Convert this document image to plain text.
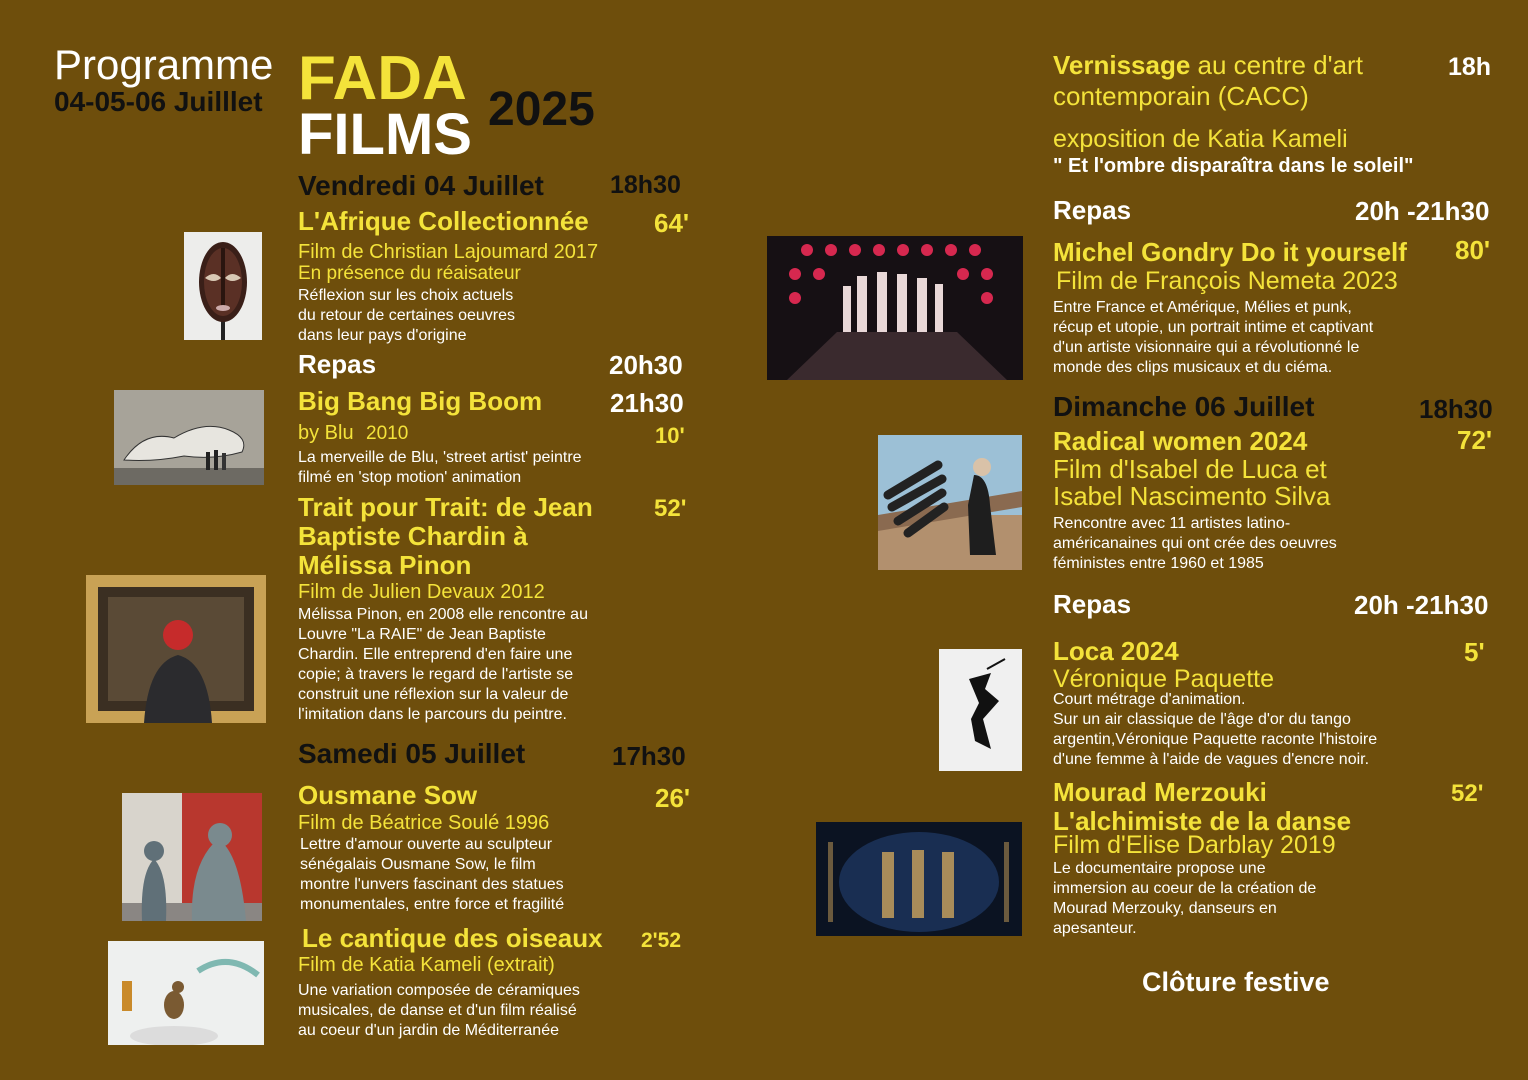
Programme
04-05-06 Juilllet FADA
FILMS 2025
Vendredi 04 Juillet	18h30
L'Afrique Collectionnée	64'
Film de Christian Lajoumard 2017
En présence du réaisateur
Réflexion sur les choix actuels
du retour de certaines oeuvres
dans leur pays d'origine
Repas	20h30
Big Bang Big Boom	21h30
by Blu 2010	10'
La merveille de Blu, 'street artist' peintre
filmé en 'stop motion' animation
Trait pour Trait: de Jean
Baptiste Chardin à
Mélissa Pinon
52'
Film de Julien Devaux 2012
Mélissa Pinon, en 2008 elle rencontre au
Louvre "La RAIE" de Jean Baptiste
Chardin. Elle entreprend d'en faire une
copie; à travers le regard de l'artiste se
construit une réflexion sur la valeur de
l'imitation dans le parcours du peintre.
Samedi 05 Juillet	17h30
Ousmane Sow	26'
Film de Béatrice Soulé 1996
Lettre d'amour ouverte au sculpteur
sénégalais Ousmane Sow, le film
montre l'unvers fascinant des statues
monumentales, entre force et fragilité
Le cantique des oiseaux 2'52
Film de Katia Kameli (extrait)
Une variation composée de céramiques
musicales, de danse et d'un film réalisé
au coeur d'un jardin de Méditerranée
Vernissage au centre d'art
contemporain (CACC)
18h
exposition de Katia Kameli
" Et l'ombre disparaîtra dans le soleil"
Repas	20h -21h30
Michel Gondry Do it yourself 80'
Film de François Nemeta 2023
Entre France et Amérique, Mélies et punk,
récup et utopie, un portrait intime et captivant
d'un artiste visionnaire qui a révolutionné le
monde des clips musicaux et du ciéma.
Dimanche 06 Juillet	18h30
Radical women 2024	72'
Film d'Isabel de Luca et
Isabel Nascimento Silva
Rencontre avec 11 artistes latino-
américanaines qui ont crée des oeuvres
féministes entre 1960 et 1985
Repas	20h -21h30
Loca 2024	5'
Véronique Paquette
Court métrage d'animation.
Sur un air classique de l'âge d'or du tango
argentin,Véronique Paquette raconte l'histoire
d'une femme à l'aide de vagues d'encre noir.
Mourad Merzouki
L'alchimiste de la danse
52'
Film d'Elise Darblay 2019
Le documentaire propose une
immersion au coeur de la création de
Mourad Merzouky, danseurs en
apesanteur.
Clôture festive
